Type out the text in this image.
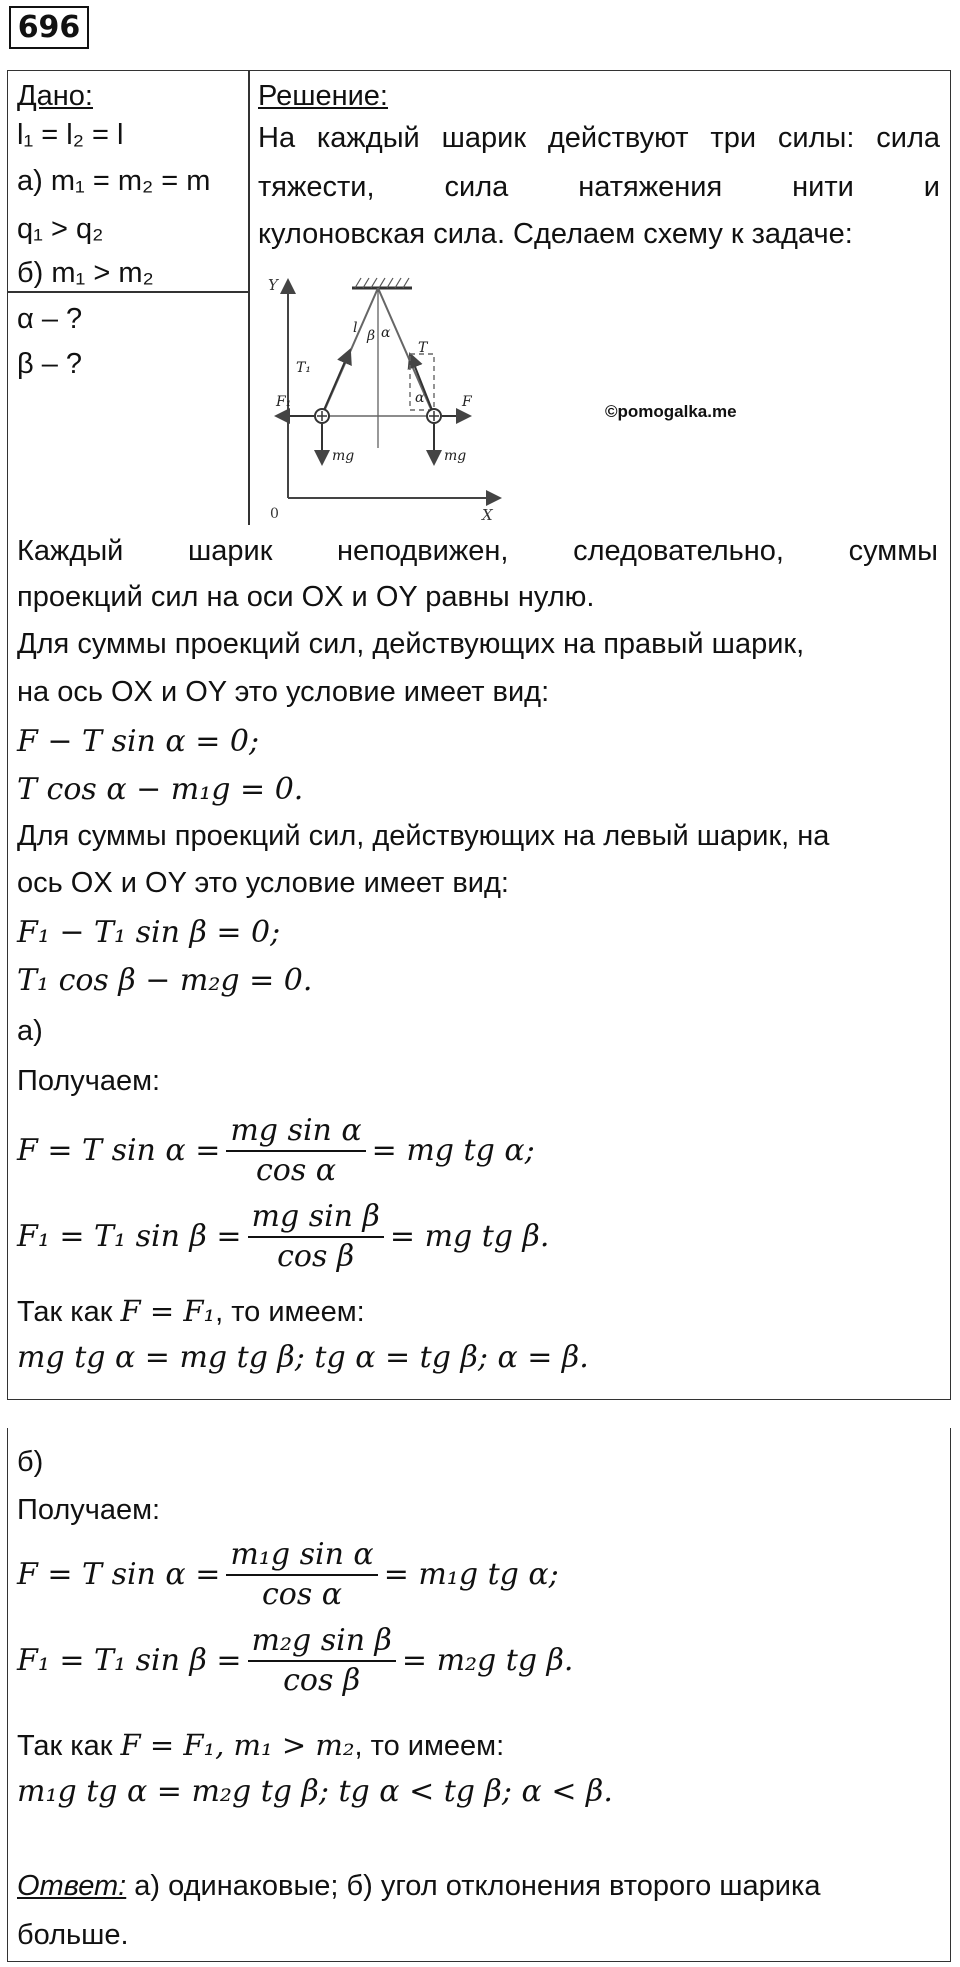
696
Дано:
l₁ = l₂ = l
а) m₁ = m₂ = m
q₁ > q₂
б) m₁ > m₂
α – ?
β – ?
Решение:
На каждый шарик действуют три силы: сила
тяжести, сила натяжения нити и
кулоновская сила. Сделаем схему к задаче:
Y
X
0
l β α
T
T₁
α	F
F₁
mg	mg
©pomogalka.me
Каждый шарик неподвижен, следовательно, суммы
проекций сил на оси OX и OY равны нулю.
Для суммы проекций сил, действующих на правый шарик,
на ось OX и OY это условие имеет вид:
F − T sin α = 0;
T cos α − m₁g = 0.
Для суммы проекций сил, действующих на левый шарик, на
ось OX и OY это условие имеет вид:
F₁ − T₁ sin β = 0;
T₁ cos β − m₂g = 0.
а)
Получаем:
F = T $\sin \alpha = \frac{\text{mg sin α}}{\text{cos α}}$ = mg tg α;
F₁ = T₁ $\sin \beta = \frac{\text{mg sin β}}{\text{cos β}}$ = mg tg β.
Так как F = F₁, то имеем:
mg tg α = mg tg β; tg α = tg β; α = β.
б)
Получаем:
F = T $\sin \alpha = \frac{\text{m₁g sin α}}{\text{cos α}} = m_1g$ tg α;
F₁ = T₁ $\sin \beta = \frac{\text{m₂g sin β}}{\text{cos β}} = m_2g$ tg β.
Так как F = F₁, m₁ > m₂, то имеем:
m₁g tg α = m₂g tg β; tg α < tg β; α < β.
Ответ: а) одинаковые; б) угол отклонения второго шарика
больше.
